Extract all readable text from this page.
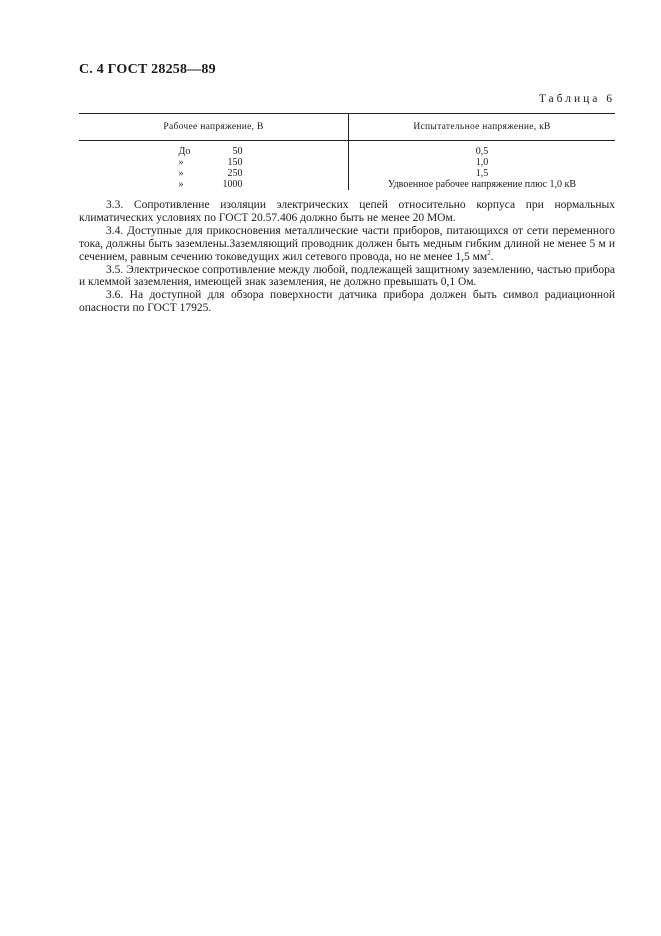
С. 4 ГОСТ 28258—89
Таблица 6
Рабочее напряжение, В	Испытательное напряжение, кВ
До 50	0,5
» 150	1,0
» 250	1,5
» 1000	Удвоенное рабочее напряжение плюс 1,0 кВ

3.3. Сопротивление изоляции электрических цепей относительно корпуса при нормальных климатических условиях по ГОСТ 20.57.406 должно быть не менее 20 МОм.

3.4. Доступные для прикосновения металлические части приборов, питающихся от сети переменного тока, должны быть заземлены.Заземляющий проводник должен быть медным гибким длиной не менее 5 м и сечением, равным сечению токоведущих жил сетевого провода, но не менее 1,5 $мм^2$.

3.5. Электрическое сопротивление между любой, подлежащей защитному заземлению, частью прибора и клеммой заземления, имеющей знак заземления, не должно превышать 0,1 Ом.

3.6. На доступной для обзора поверхности датчика прибора должен быть символ радиационной опасности по ГОСТ 17925.
